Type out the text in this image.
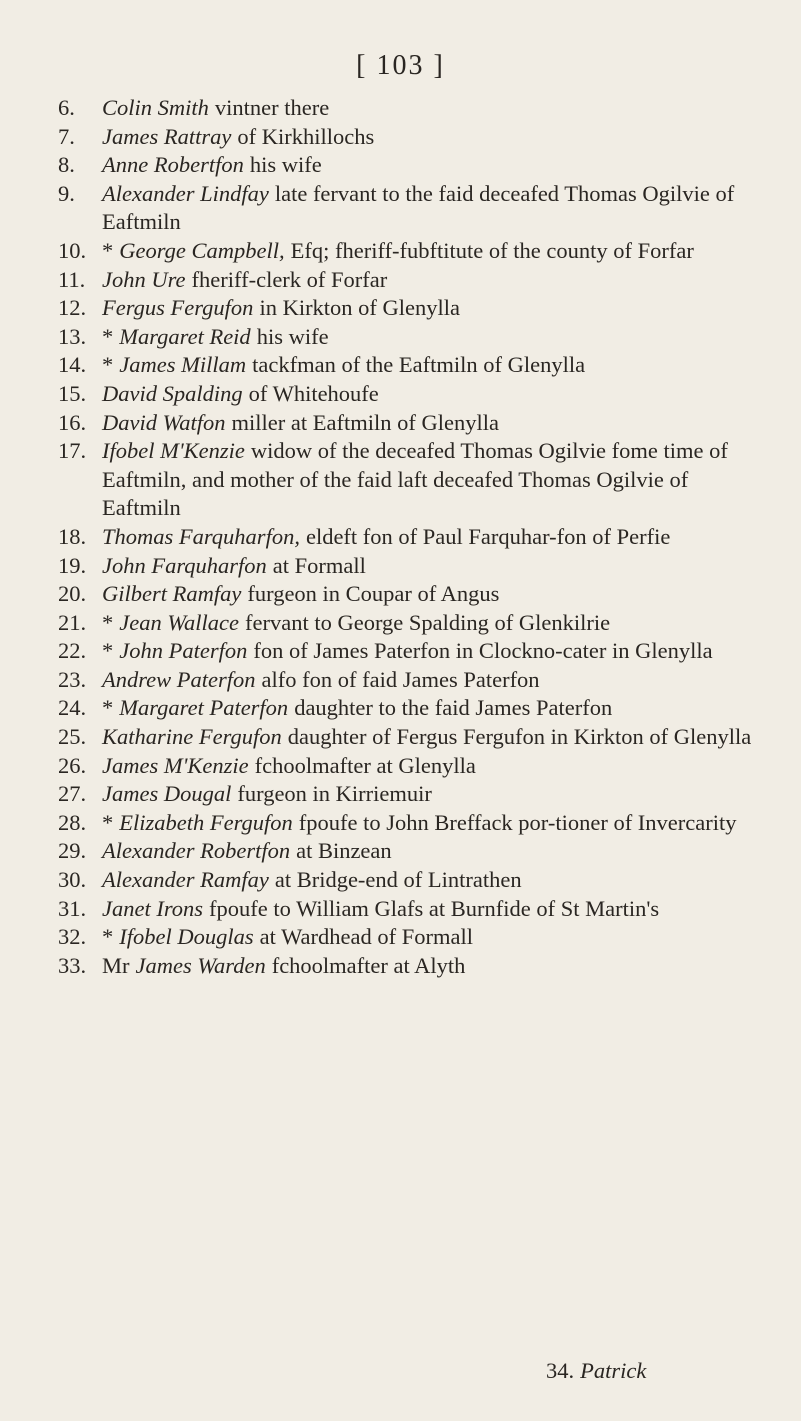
[ 103 ]
6.	Colin Smith vintner there
7.	James Rattray of Kirkhillochs
8.	Anne Robertfon his wife
9.	Alexander Lindfay late fervant to the faid deceafed Thomas Ogilvie of Eaftmiln
10. * George Campbell, Efq; fheriff-fubftitute of the county of Forfar
11. John Ure fheriff-clerk of Forfar
12. Fergus Fergufon in Kirkton of Glenylla
13. * Margaret Reid his wife
14. * James Millam tackfman of the Eaftmiln of Glenylla
15. David Spalding of Whitehoufe
16. David Watfon miller at Eaftmiln of Glenylla
17. Ifobel M'Kenzie widow of the deceafed Thomas Ogilvie fome time of Eaftmiln, and mother of the faid laft deceafed Thomas Ogilvie of Eaftmiln
18. Thomas Farquharfon, eldeft fon of Paul Farquhar-fon of Perfie
19. John Farquharfon at Formall
20. Gilbert Ramfay furgeon in Coupar of Angus
21. * Jean Wallace fervant to George Spalding of Glenkilrie
22. * John Paterfon fon of James Paterfon in Clockno-cater in Glenylla
23. Andrew Paterfon alfo fon of faid James Paterfon
24. * Margaret Paterfon daughter to the faid James Paterfon
25. Katharine Fergufon daughter of Fergus Fergufon in Kirkton of Glenylla
26. James M'Kenzie fchoolmafter at Glenylla
27. James Dougal furgeon in Kirriemuir
28. * Elizabeth Fergufon fpoufe to John Breffack por-tioner of Invercarity
29. Alexander Robertfon at Binzean
30. Alexander Ramfay at Bridge-end of Lintrathen
31. Janet Irons fpoufe to William Glafs at Burnfide of St Martin's
32. * Ifobel Douglas at Wardhead of Formall
33. Mr James Warden fchoolmafter at Alyth
34. Patrick
